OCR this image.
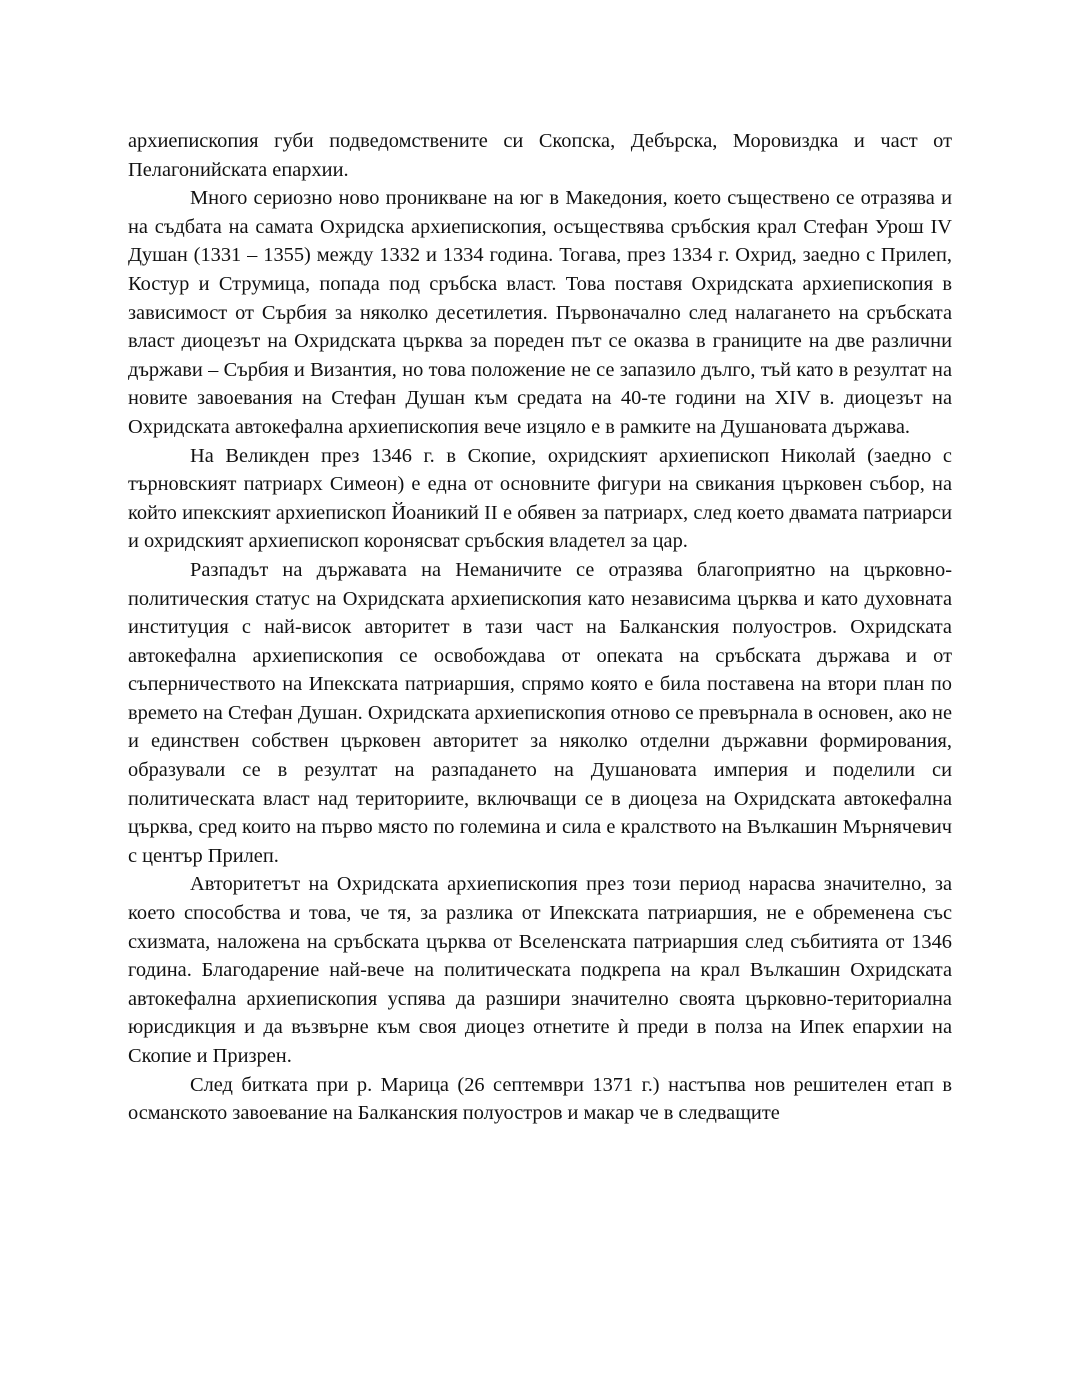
архиепископия губи подведомствените си Скопска, Дебърска, Моровиздка и част от Пелагонийската епархии.

Много сериозно ново проникване на юг в Македония, което съществено се отразява и на съдбата на самата Охридска архиепископия, осъществява сръбския крал Стефан Урош IV Душан (1331 – 1355) между 1332 и 1334 година. Тогава, през 1334 г. Охрид, заедно с Прилеп, Костур и Струмица, попада под сръбска власт. Това поставя Охридската архиепископия в зависимост от Сърбия за няколко десетилетия. Първоначално след налагането на сръбската власт диоцезът на Охридската църква за пореден път се оказва в границите на две различни държави – Сърбия и Византия, но това положение не се запазило дълго, тъй като в резултат на новите завоевания на Стефан Душан към средата на 40-те години на XIV в. диоцезът на Охридската автокефална архиепископия вече изцяло е в рамките на Душановата държава.

На Великден през 1346 г. в Скопие, охридският архиепископ Николай (заедно с търновският патриарх Симеон) е една от основните фигури на свикания църковен събор, на който ипекският архиепископ Йоаникий II е обявен за патриарх, след което двамата патриарси и охридският архиепископ коронясват сръбския владетел за цар.

Разпадът на държавата на Неманичите се отразява благоприятно на църковно-политическия статус на Охридската архиепископия като независима църква и като духовната институция с най-висок авторитет в тази част на Балканския полуостров. Охридската автокефална архиепископия се освобождава от опеката на сръбската държава и от съперничеството на Ипекската патриаршия, спрямо която е била поставена на втори план по времето на Стефан Душан. Охридската архиепископия отново се превърнала в основен, ако не и единствен собствен църковен авторитет за няколко отделни държавни формирования, образували се в резултат на разпадането на Душановата империя и поделили си политическата власт над териториите, включващи се в диоцеза на Охридската автокефална църква, сред които на първо място по големина и сила е кралството на Вълкашин Мърнячевич с център Прилеп.

Авторитетът на Охридската архиепископия през този период нарасва значително, за което способства и това, че тя, за разлика от Ипекската патриаршия, не е обременена със схизмата, наложена на сръбската църква от Вселенската патриаршия след събитията от 1346 година. Благодарение най-вече на политическата подкрепа на крал Вълкашин Охридската автокефална архиепископия успява да разшири значително своята църковно-териториална юрисдикция и да възвърне към своя диоцез отнетите ѝ преди в полза на Ипек епархии на Скопие и Призрен.

След битката при р. Марица (26 септември 1371 г.) настъпва нов решителен етап в османското завоевание на Балканския полуостров и макар че в следващите
